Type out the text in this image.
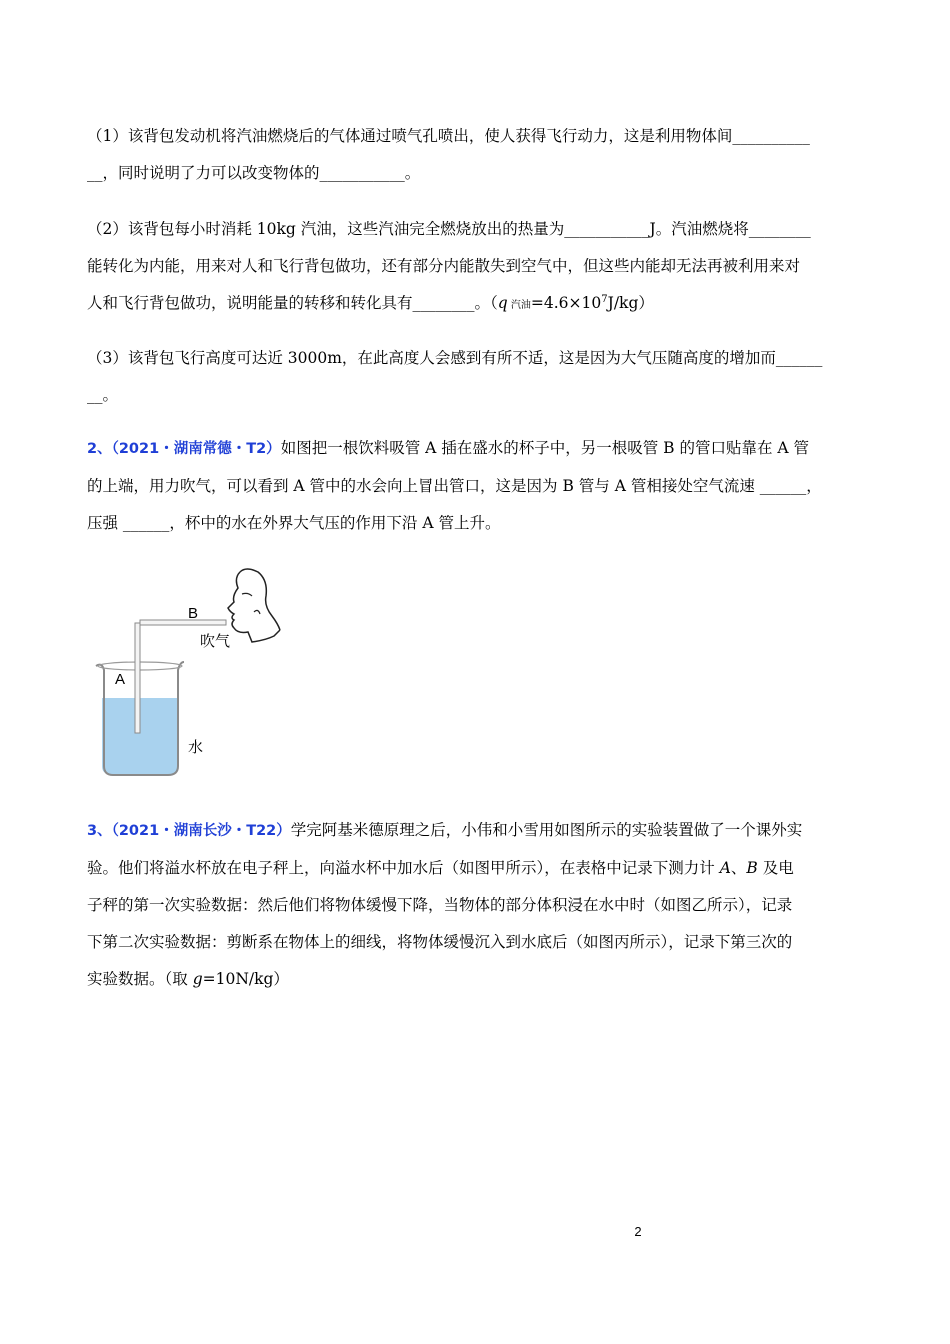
（1）该背包发动机将汽油燃烧后的气体通过喷气孔喷出，使人获得飞行动力，这是利用物体间__________
__，同时说明了力可以改变物体的___________。

（2）该背包每小时消耗 10kg 汽油，这些汽油完全燃烧放出的热量为___________J。汽油燃烧将________
能转化为内能，用来对人和飞行背包做功，还有部分内能散失到空气中，但这些内能却无法再被利用来对
人和飞行背包做功，说明能量的转移和转化具有________。（q 汽油$=4.6\times 10^7J/kg$）

（3）该背包飞行高度可达近 3000m，在此高度人会感到有所不适，这是因为大气压随高度的增加而______
__。

2、（2021・湖南常德・T2）如图把一根饮料吸管 A 插在盛水的杯子中，另一根吸管 B 的管口贴靠在 A 管
的上端，用力吹气，可以看到 A 管中的水会向上冒出管口，这是因为 B 管与 A 管相接处空气流速 ______，
压强 ______，杯中的水在外界大气压的作用下沿 A 管上升。

B
吹气
A
水

3、（2021・湖南长沙・T22）学完阿基米德原理之后，小伟和小雪用如图所示的实验装置做了一个课外实
验。他们将溢水杯放在电子秤上，向溢水杯中加水后（如图甲所示），在表格中记录下测力计 A、B 及电
子秤的第一次实验数据：然后他们将物体缓慢下降，当物体的部分体积浸在水中时（如图乙所示），记录
下第二次实验数据：剪断系在物体上的细线，将物体缓慢沉入到水底后（如图丙所示），记录下第三次的
实验数据。（取 g=10N/kg）

2
